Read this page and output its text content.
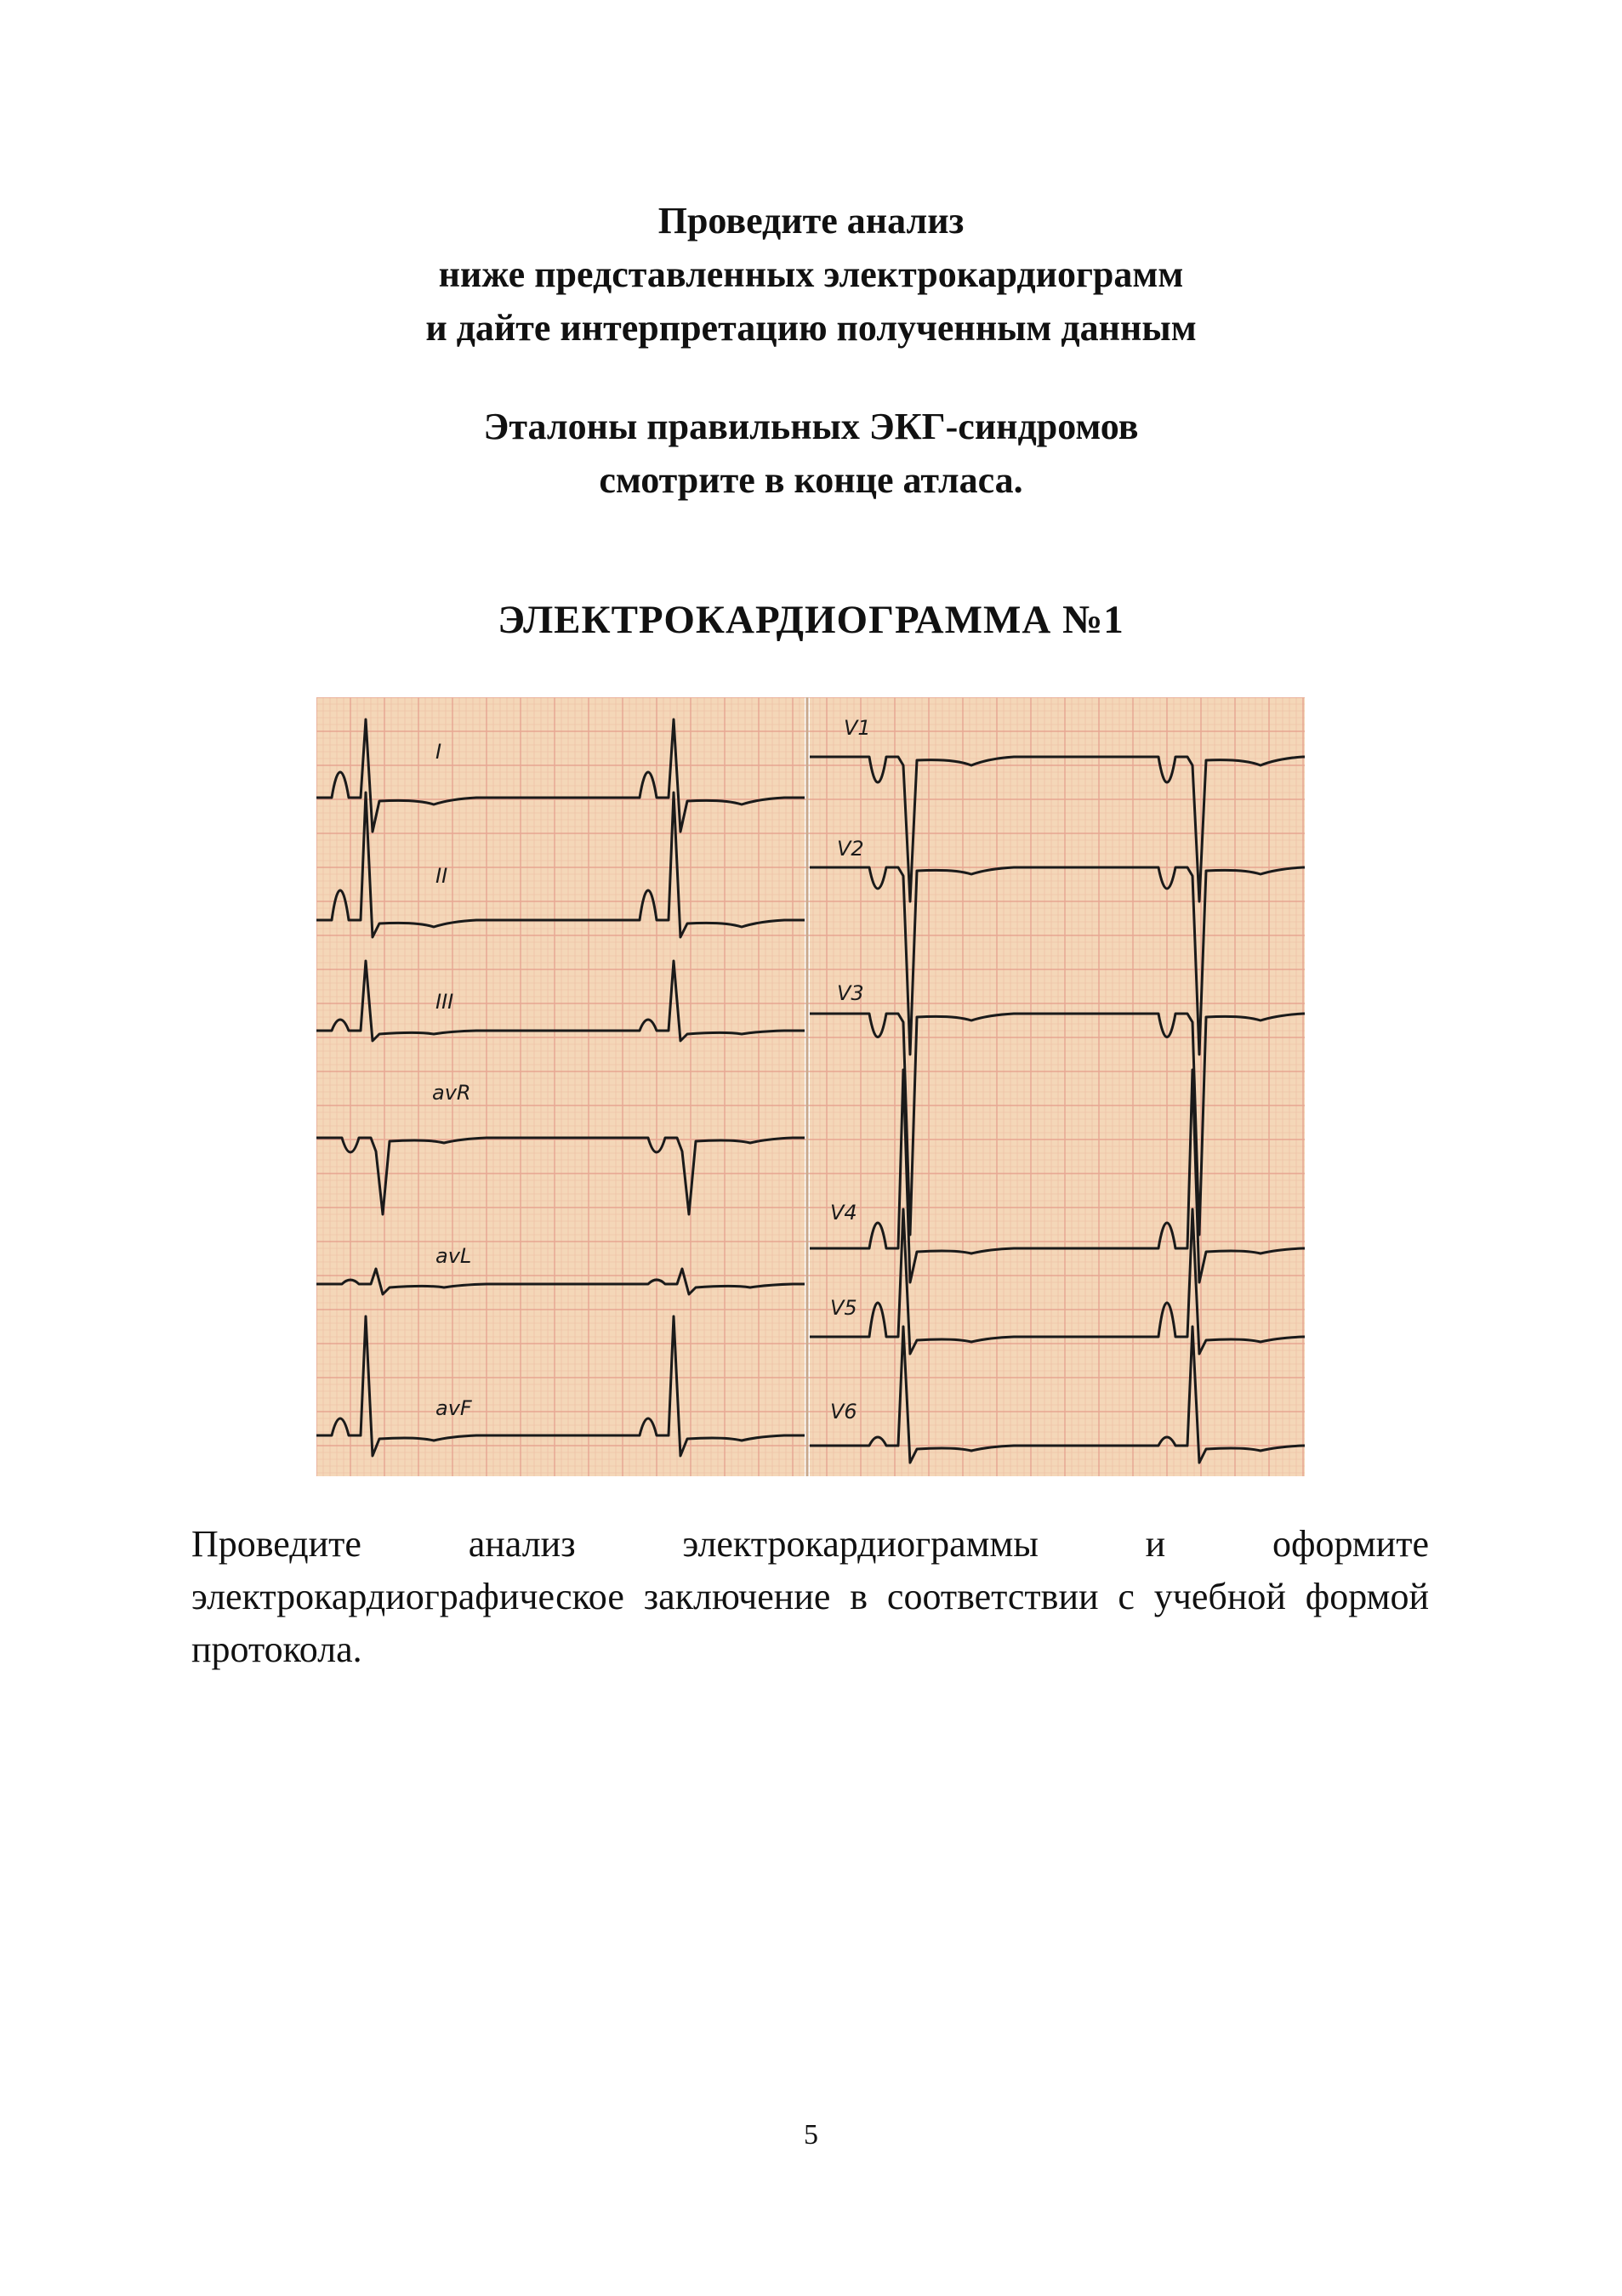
Проведите анализ
ниже представленных электрокардиограмм
и дайте интерпретацию полученным данным
Эталоны правильных ЭКГ-синдромов
смотрите в конце атласа.
ЭЛЕКТРОКАРДИОГРАММА №1
I
II
III
avR
avL
avF
V1
V2
V3
V4
V5
V6
Проведите анализ электрокардиограммы и оформите электрокардиографическое заключение в соответствии с учебной формой протокола.
5
